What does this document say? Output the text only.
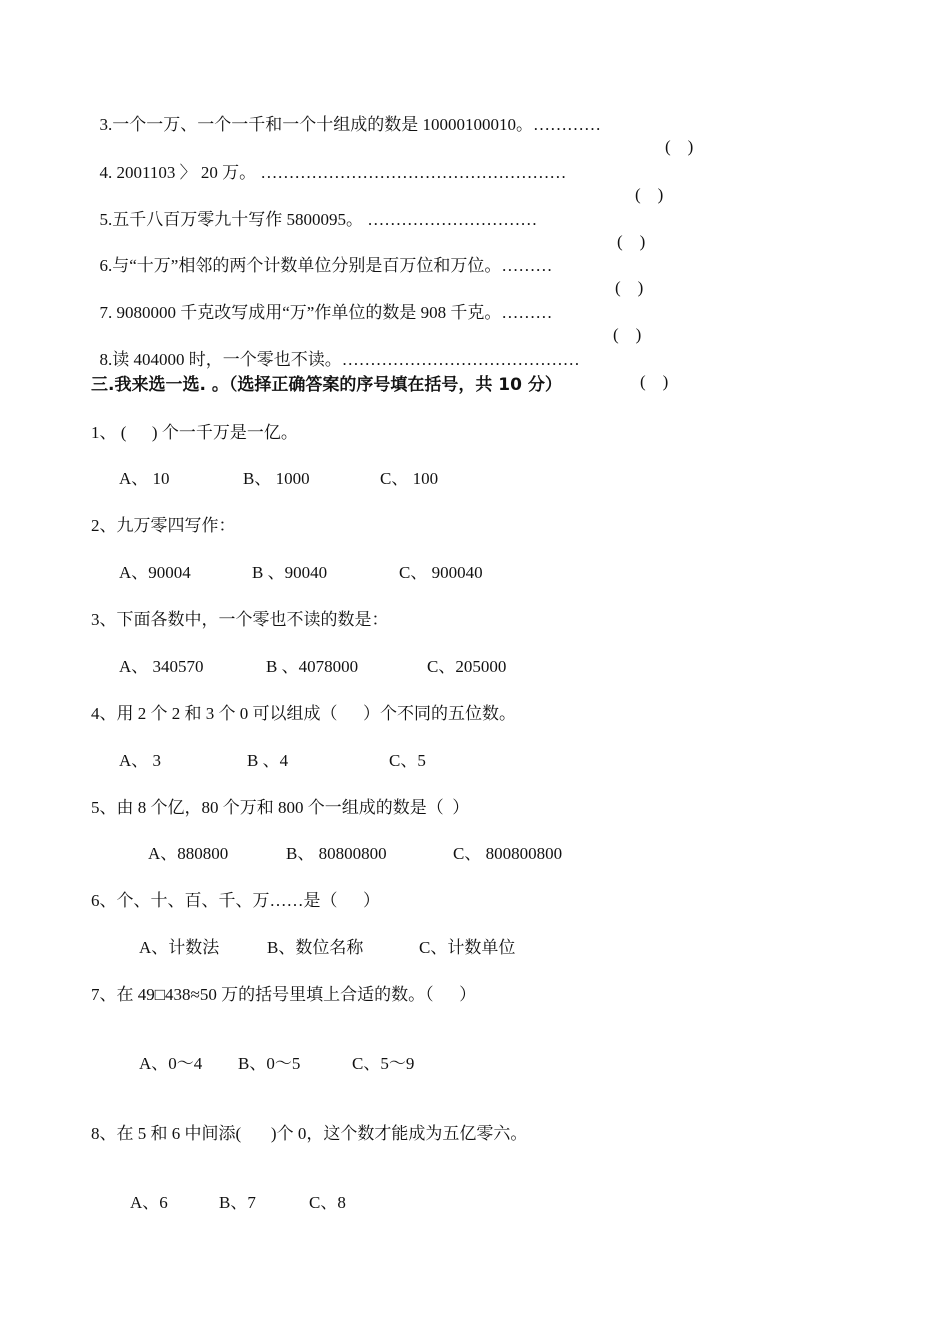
3.一个一万、一个一千和一个十组成的数是 10000100010。…………

(    )

4. 2001103 〉 20 万。 ………………………………………………

(    )

5.五千八百万零九十写作 5800095。 …………………………

(    )

6.与“十万”相邻的两个计数单位分别是百万位和万位。………

(    )

7. 9080000 千克改写成用“万”作单位的数是 908 千克。………

(    )

8.读 404000 时，一个零也不读。……………………………………

(    )

三.我来选一选. 。（选择正确答案的序号填在括号，共 10 分）
1、 (      ) 个一千万是一亿。
A、 10	B、 1000	C、 100
2、九万零四写作：
A、90004	B 、90040	C、 900040
3、下面各数中，一个零也不读的数是：
A、 340570	B 、4078000	C、205000
4、用 2 个 2 和 3 个 0 可以组成（      ）个不同的五位数。
A、 3	B 、4	C、5
5、由 8 个亿，80 个万和 800 个一组成的数是（  ）
A、880800	B、 80800800	C、 800800800
6、个、十、百、千、万……是（      ）
A、计数法	B、数位名称	C、计数单位
7、在 49□438≈50 万的括号里填上合适的数。（      ）
A、0～4 B、0～5	C、5～9
8、在 5 和 6 中间添(       )个 0，这个数才能成为五亿零六。
A、6	B、7	C、8
